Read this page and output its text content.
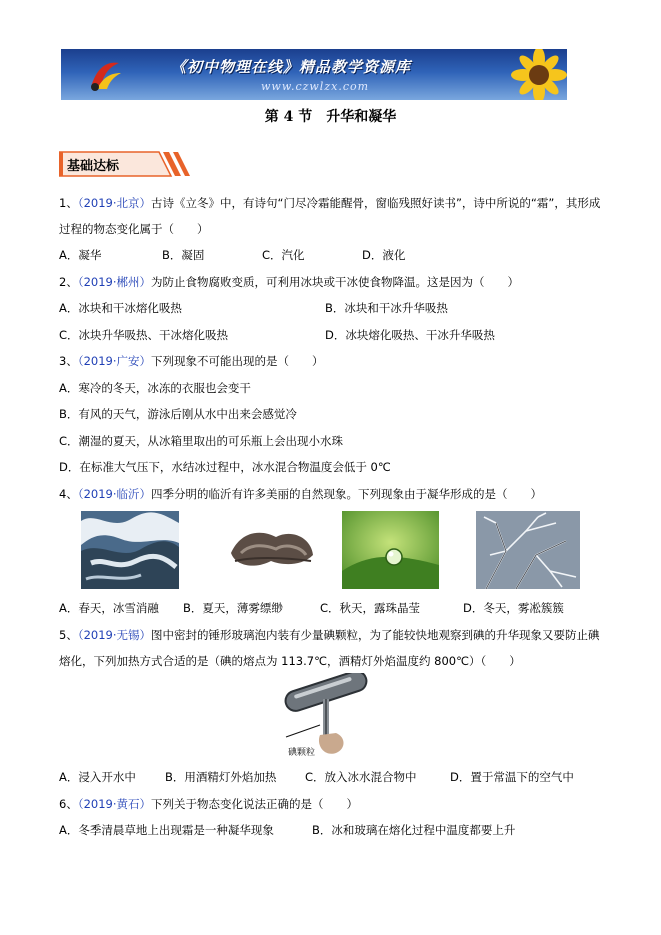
《初中物理在线》精品教学资源库
www.czwlzx.com
第 4 节　升华和凝华
基础达标
1、（2019·北京）古诗《立冬》中，有诗句“门尽冷霜能醒骨，窗临残照好读书”，诗中所说的“霜”，其形成
过程的物态变化属于（　　）
A．凝华	B．凝固	C．汽化	D．液化
2、（2019·郴州）为防止食物腐败变质，可利用冰块或干冰使食物降温。这是因为（　　）
A．冰块和干冰熔化吸热	B．冰块和干冰升华吸热
C．冰块升华吸热、干冰熔化吸热	D．冰块熔化吸热、干冰升华吸热
3、（2019·广安）下列现象不可能出现的是（　　）
A．寒冷的冬天，冰冻的衣服也会变干
B．有风的天气，游泳后刚从水中出来会感觉冷
C．潮湿的夏天，从冰箱里取出的可乐瓶上会出现小水珠
D．在标准大气压下，水结冰过程中，冰水混合物温度会低于 0℃
4、（2019·临沂）四季分明的临沂有许多美丽的自然现象。下列现象由于凝华形成的是（　　）
A．春天，冰雪消融 B．夏天，薄雾缥缈	C．秋天，露珠晶莹	D．冬天，雾凇簇簇
5、（2019·无锡）图中密封的锤形玻璃泡内装有少量碘颗粒，为了能较快地观察到碘的升华现象又要防止碘
熔化，下列加热方式合适的是（碘的熔点为 113.7℃，酒精灯外焰温度约 800℃）（　　）
碘颗粒
A．浸入开水中	B．用酒精灯外焰加热 C．放入冰水混合物中	D．置于常温下的空气中
6、（2019·黄石）下列关于物态变化说法正确的是（　　）
A．冬季清晨草地上出现霜是一种凝华现象	B．冰和玻璃在熔化过程中温度都要上升
